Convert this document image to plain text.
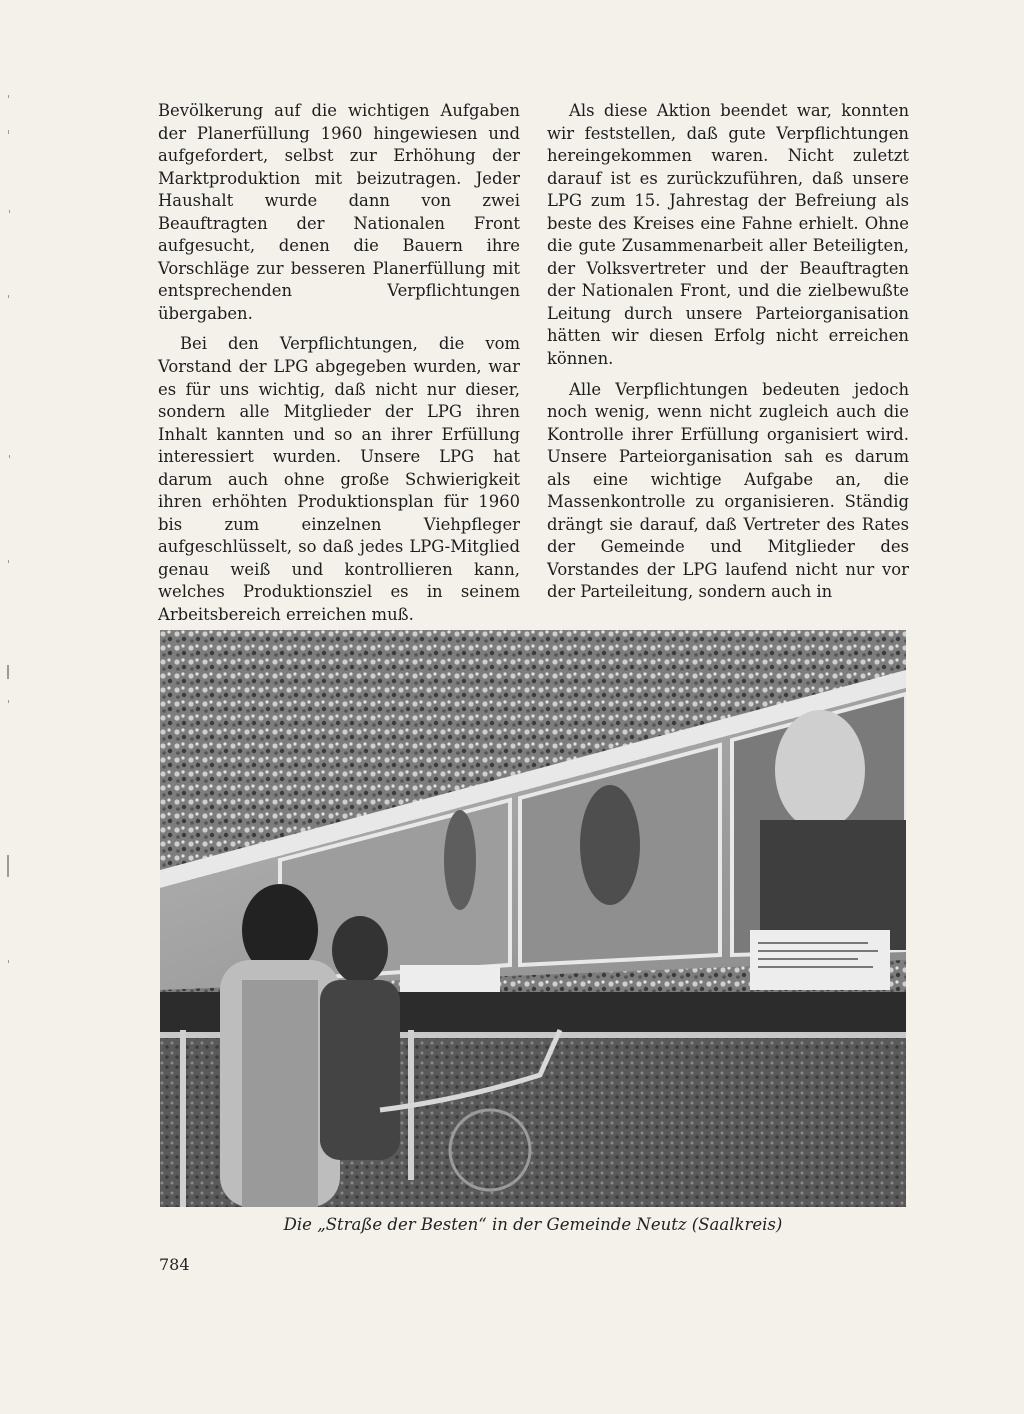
Bevölkerung auf die wichtigen Aufgaben der Planerfüllung 1960 hingewiesen und aufgefordert, selbst zur Erhöhung der Marktproduktion mit beizutragen. Jeder Haushalt wurde dann von zwei Beauftragten der Nationalen Front aufgesucht, denen die Bauern ihre Vorschläge zur besseren Planerfüllung mit entsprechenden Verpflichtungen übergaben.

Bei den Verpflichtungen, die vom Vorstand der LPG abgegeben wurden, war es für uns wichtig, daß nicht nur dieser, sondern alle Mitglieder der LPG ihren Inhalt kannten und so an ihrer Erfüllung interessiert wurden. Unsere LPG hat darum auch ohne große Schwierigkeit ihren erhöhten Produktionsplan für 1960 bis zum einzelnen Viehpfleger aufgeschlüsselt, so daß jedes LPG-Mitglied genau weiß und kontrollieren kann, welches Produktionsziel es in seinem Arbeitsbereich erreichen muß.

Als diese Aktion beendet war, konnten wir feststellen, daß gute Verpflichtungen hereingekommen waren. Nicht zuletzt darauf ist es zurückzuführen, daß unsere LPG zum 15. Jahrestag der Befreiung als beste des Kreises eine Fahne erhielt. Ohne die gute Zusammenarbeit aller Beteiligten, der Volksvertreter und der Beauftragten der Nationalen Front, und die zielbewußte Leitung durch unsere Parteiorganisation hätten wir diesen Erfolg nicht erreichen können.

Alle Verpflichtungen bedeuten jedoch noch wenig, wenn nicht zugleich auch die Kontrolle ihrer Erfüllung organisiert wird. Unsere Parteiorganisation sah es darum als eine wichtige Aufgabe an, die Massenkontrolle zu organisieren. Ständig drängt sie darauf, daß Vertreter des Rates der Gemeinde und Mitglieder des Vorstandes der LPG laufend nicht nur vor der Parteileitung, sondern auch in

Die „Straße der Besten“ in der Gemeinde Neutz (Saalkreis)
784
